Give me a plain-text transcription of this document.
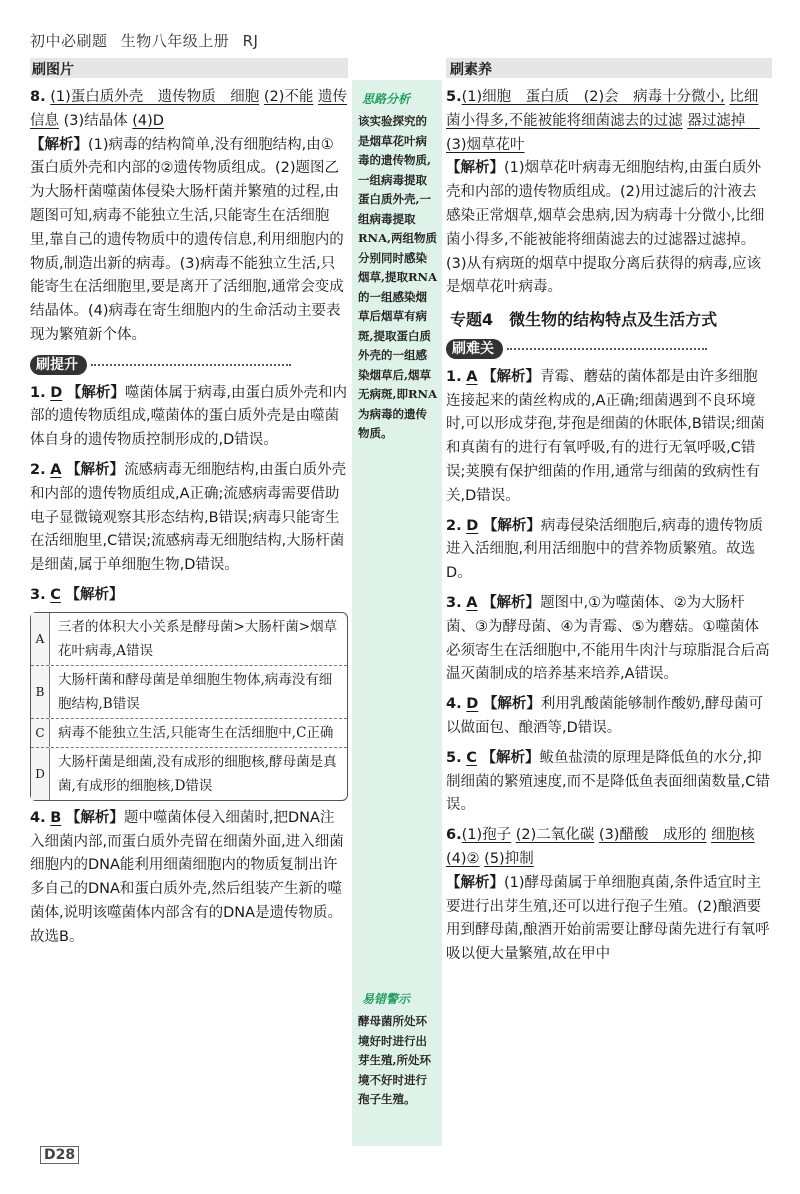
初中必刷题 生物八年级上册 RJ
刷图片	刷素养
思路分析
该实验探究的是烟草花叶病毒的遗传物质,一组病毒提取蛋白质外壳,一组病毒提取RNA,两组物质分别同时感染烟草,提取RNA的一组感染烟草后烟草有病斑,提取蛋白质外壳的一组感染烟草后,烟草无病斑,即RNA为病毒的遗传物质。
易错警示
酵母菌所处环境好时进行出芽生殖,所处环境不好时进行孢子生殖。

8. (1)蛋白质外壳　遗传物质　细胞 (2)不能 遗传信息 (3)结晶体 (4)D

【解析】(1)病毒的结构简单,没有细胞结构,由①蛋白质外壳和内部的②遗传物质组成。(2)题图乙为大肠杆菌噬菌体侵染大肠杆菌并繁殖的过程,由题图可知,病毒不能独立生活,只能寄生在活细胞里,靠自己的遗传物质中的遗传信息,利用细胞内的物质,制造出新的病毒。(3)病毒不能独立生活,只能寄生在活细胞里,要是离开了活细胞,通常会变成结晶体。(4)病毒在寄生细胞内的生命活动主要表现为繁殖新个体。

刷提升

1. D 【解析】噬菌体属于病毒,由蛋白质外壳和内部的遗传物质组成,噬菌体的蛋白质外壳是由噬菌体自身的遗传物质控制形成的,D错误。

2. A 【解析】流感病毒无细胞结构,由蛋白质外壳和内部的遗传物质组成,A正确;流感病毒需要借助电子显微镜观察其形态结构,B错误;病毒只能寄生在活细胞里,C错误;流感病毒无细胞结构,大肠杆菌是细菌,属于单细胞生物,D错误。

3. C 【解析】

A
三者的体积大小关系是酵母菌>大肠杆菌>烟草花叶病毒,A错误
B
大肠杆菌和酵母菌是单细胞生物体,病毒没有细胞结构,B错误
C 病毒不能独立生活,只能寄生在活细胞中,C正确
D
大肠杆菌是细菌,没有成形的细胞核,酵母菌是真菌,有成形的细胞核,D错误

4. B 【解析】题中噬菌体侵入细菌时,把DNA注入细菌内部,而蛋白质外壳留在细菌外面,进入细菌细胞内的DNA能利用细菌细胞内的物质复制出许多自己的DNA和蛋白质外壳,然后组装产生新的噬菌体,说明该噬菌体内部含有的DNA是遗传物质。故选B。

5.(1)细胞　蛋白质　(2)会　病毒十分微小, 比细菌小得多,不能被能将细菌滤去的过滤 器过滤掉　(3)烟草花叶

【解析】(1)烟草花叶病毒无细胞结构,由蛋白质外壳和内部的遗传物质组成。(2)用过滤后的汁液去感染正常烟草,烟草会患病,因为病毒十分微小,比细菌小得多,不能被能将细菌滤去的过滤器过滤掉。(3)从有病斑的烟草中提取分离后获得的病毒,应该是烟草花叶病毒。

专题4　微生物的结构特点及生活方式

刷难关

1. A 【解析】青霉、蘑菇的菌体都是由许多细胞连接起来的菌丝构成的,A正确;细菌遇到不良环境时,可以形成芽孢,芽孢是细菌的休眠体,B错误;细菌和真菌有的进行有氧呼吸,有的进行无氧呼吸,C错误;荚膜有保护细菌的作用,通常与细菌的致病性有关,D错误。

2. D 【解析】病毒侵染活细胞后,病毒的遗传物质进入活细胞,利用活细胞中的营养物质繁殖。故选D。

3. A 【解析】题图中,①为噬菌体、②为大肠杆菌、③为酵母菌、④为青霉、⑤为蘑菇。①噬菌体必须寄生在活细胞中,不能用牛肉汁与琼脂混合后高温灭菌制成的培养基来培养,A错误。

4. D 【解析】利用乳酸菌能够制作酸奶,酵母菌可以做面包、酿酒等,D错误。

5. C 【解析】鲅鱼盐渍的原理是降低鱼的水分,抑制细菌的繁殖速度,而不是降低鱼表面细菌数量,C错误。

6.(1)孢子 (2)二氧化碳 (3)醋酸　成形的 细胞核 (4)② (5)抑制

【解析】(1)酵母菌属于单细胞真菌,条件适宜时主要进行出芽生殖,还可以进行孢子生殖。(2)酿酒要用到酵母菌,酿酒开始前需要让酵母菌先进行有氧呼吸以便大量繁殖,故在甲中

D28
